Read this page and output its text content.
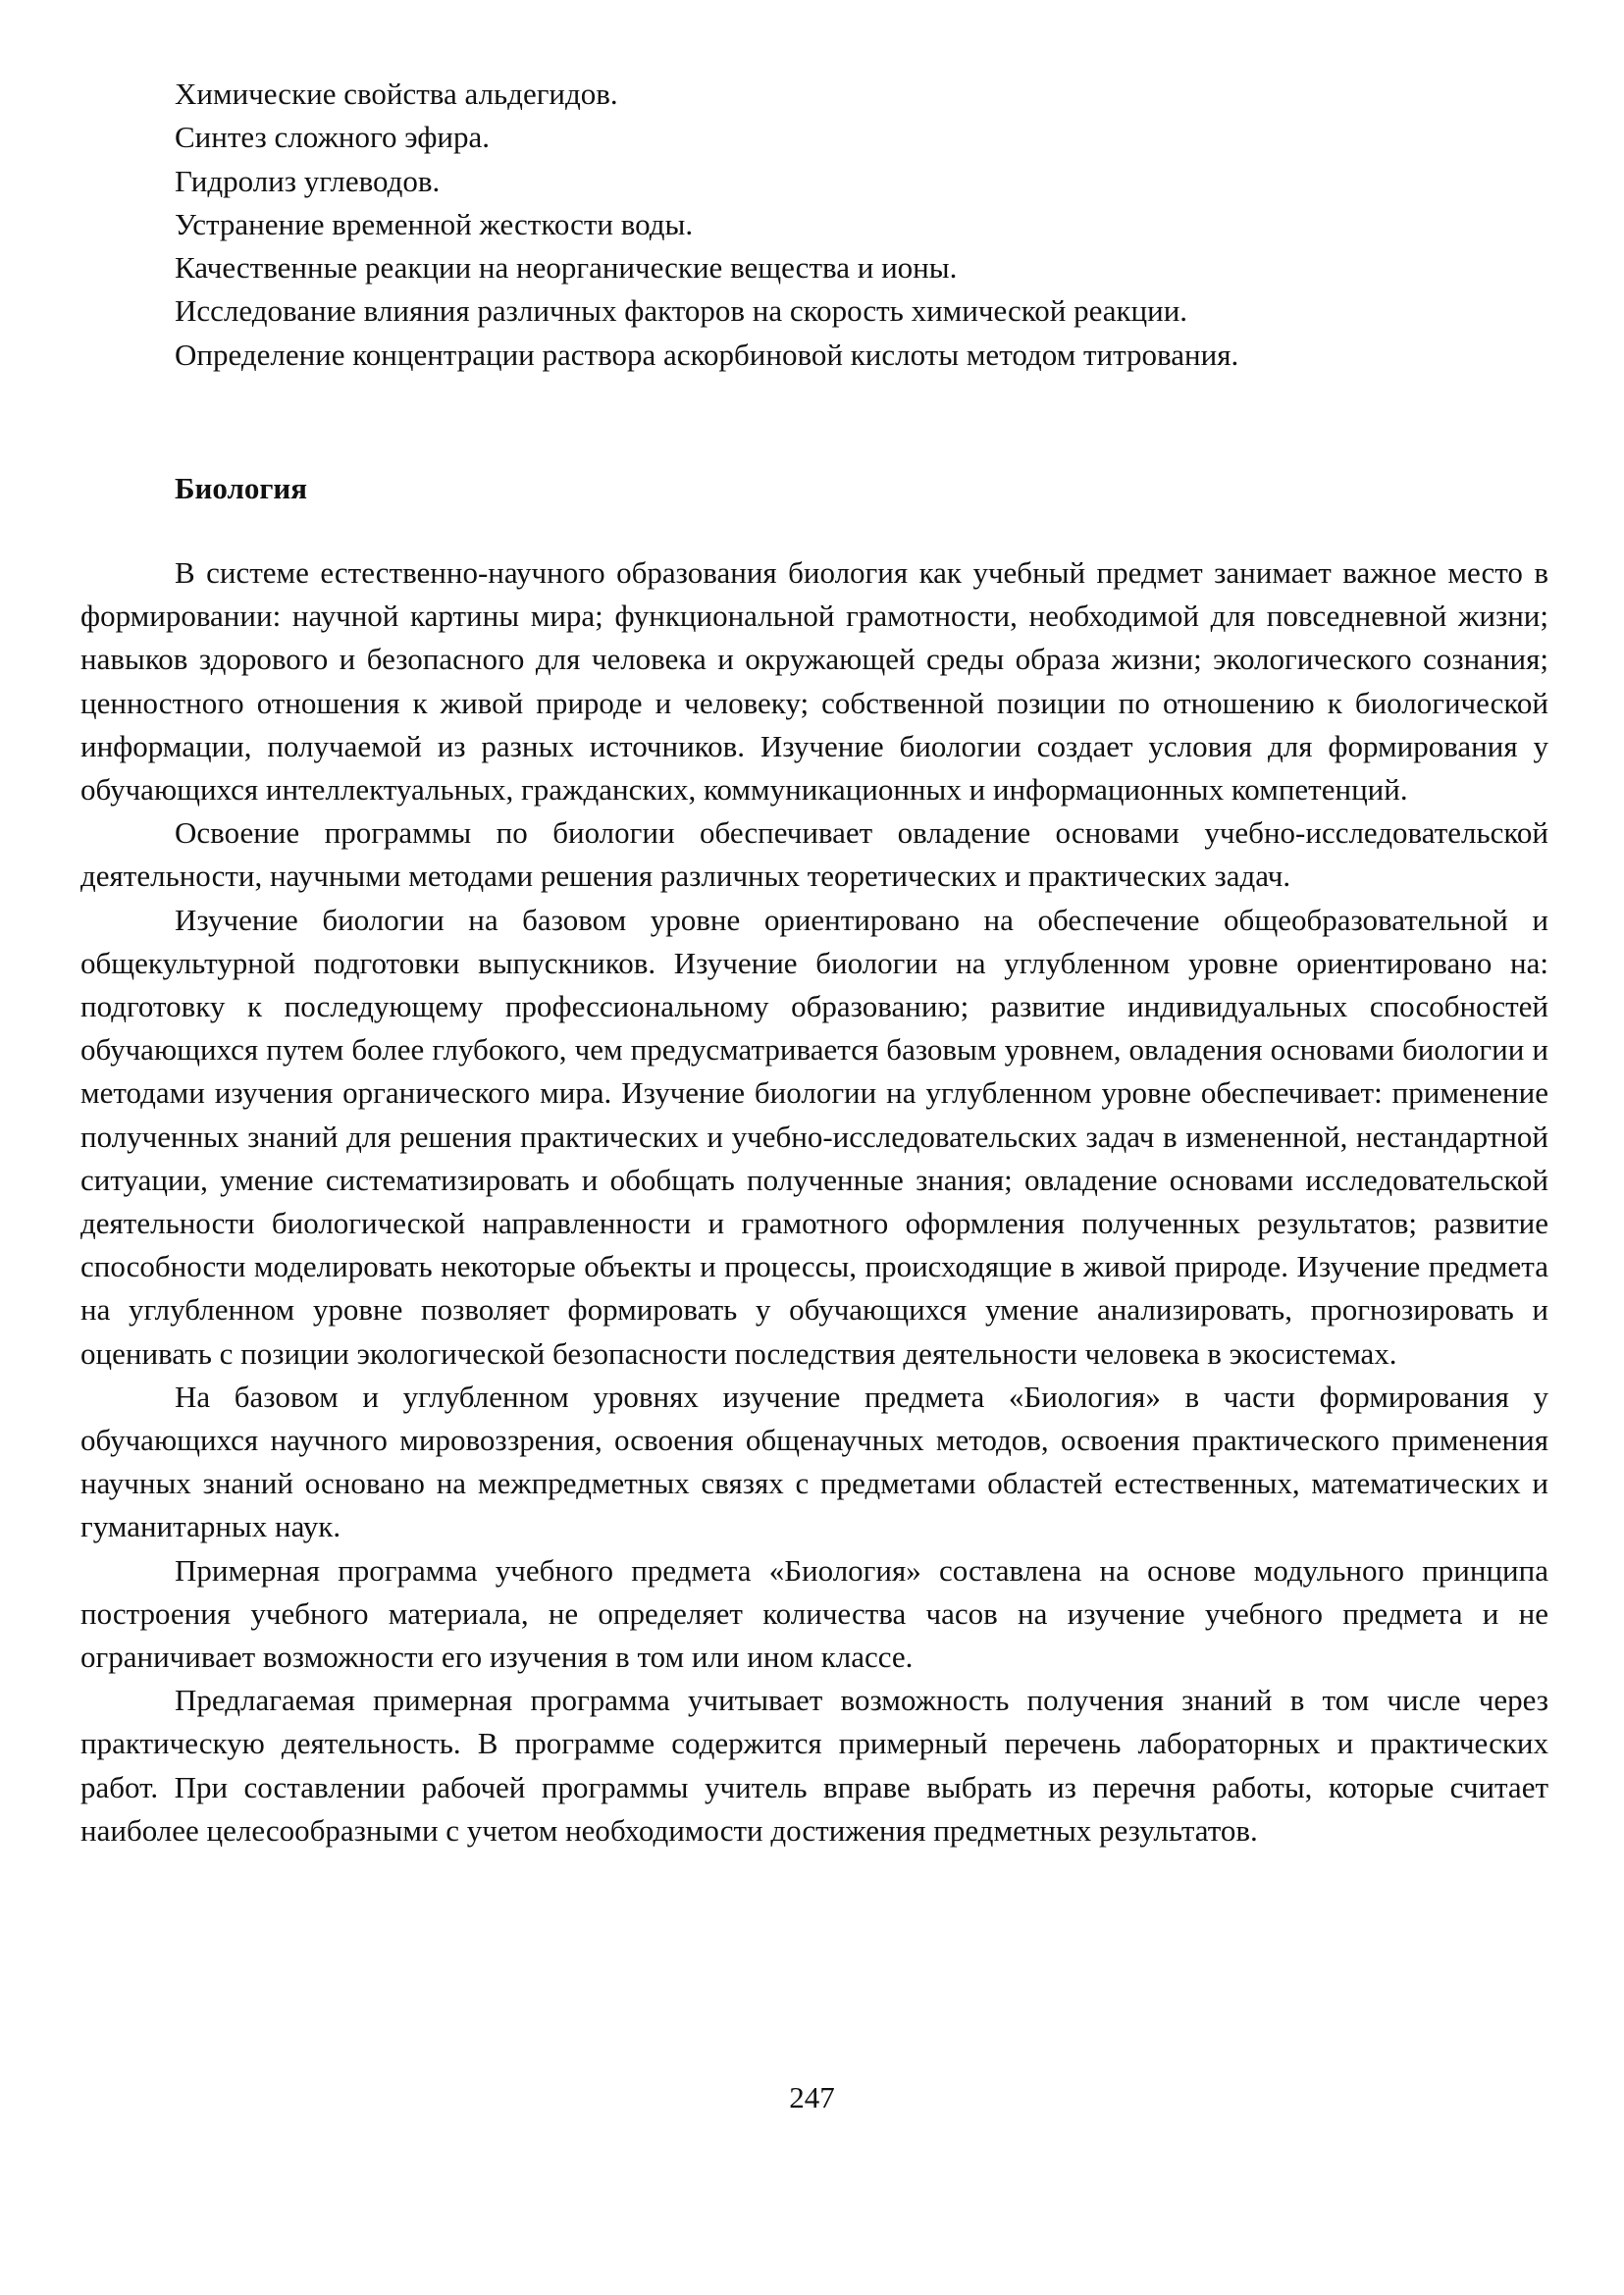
Химические свойства альдегидов.
Синтез сложного эфира.
Гидролиз углеводов.
Устранение временной жесткости воды.
Качественные реакции на неорганические вещества и ионы.
Исследование влияния различных факторов на скорость химической реакции.
Определение концентрации раствора аскорбиновой кислоты методом титрования.
Биология

В системе естественно-научного образования биология как учебный предмет занимает важное место в формировании: научной картины мира; функциональной грамотности, необходимой для повседневной жизни; навыков здорового и безопасного для человека и окружающей среды образа жизни; экологического сознания; ценностного отношения к живой природе и человеку; собственной позиции по отношению к биологической информации, получаемой из разных источников. Изучение биологии создает условия для формирования у обучающихся интеллектуальных, гражданских, коммуникационных и информационных компетенций.

Освоение программы по биологии обеспечивает овладение основами учебно-исследовательской деятельности, научными методами решения различных теоретических и практических задач.

Изучение биологии на базовом уровне ориентировано на обеспечение общеобразовательной и общекультурной подготовки выпускников. Изучение биологии на углубленном уровне ориентировано на: подготовку к последующему профессиональному образованию; развитие индивидуальных способностей обучающихся путем более глубокого, чем предусматривается базовым уровнем, овладения основами биологии и методами изучения органического мира. Изучение биологии на углубленном уровне обеспечивает: применение полученных знаний для решения практических и учебно-исследовательских задач в измененной, нестандартной ситуации, умение систематизировать и обобщать полученные знания; овладение основами исследовательской деятельности биологической направленности и грамотного оформления полученных результатов; развитие способности моделировать некоторые объекты и процессы, происходящие в живой природе. Изучение предмета на углубленном уровне позволяет формировать у обучающихся умение анализировать, прогнозировать и оценивать с позиции экологической безопасности последствия деятельности человека в экосистемах.

На базовом и углубленном уровнях изучение предмета «Биология» в части формирования у обучающихся научного мировоззрения, освоения общенаучных методов, освоения практического применения научных знаний основано на межпредметных связях с предметами областей естественных, математических и гуманитарных наук.

Примерная программа учебного предмета «Биология» составлена на основе модульного принципа построения учебного материала, не определяет количества часов на изучение учебного предмета и не ограничивает возможности его изучения в том или ином классе.

Предлагаемая примерная программа учитывает возможность получения знаний в том числе через практическую деятельность. В программе содержится примерный перечень лабораторных и практических работ. При составлении рабочей программы учитель вправе выбрать из перечня работы, которые считает наиболее целесообразными с учетом необходимости достижения предметных результатов.

247
